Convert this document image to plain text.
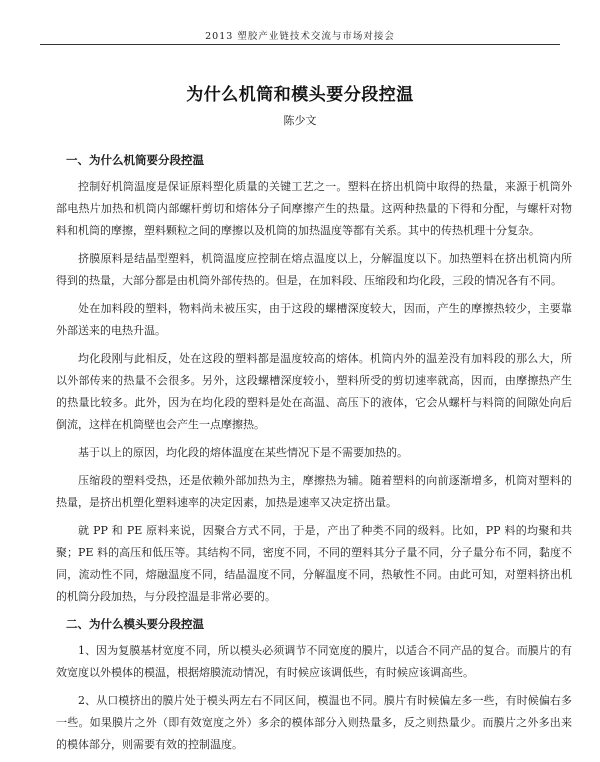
2013 塑胶产业链技术交流与市场对接会
为什么机筒和模头要分段控温
陈少文
一、为什么机筒要分段控温

控制好机筒温度是保证原料塑化质量的关键工艺之一。塑料在挤出机筒中取得的热量，来源于机筒外部电热片加热和机筒内部螺杆剪切和熔体分子间摩擦产生的热量。这两种热量的下得和分配，与螺杆对物料和机筒的摩擦，塑料颗粒之间的摩擦以及机筒的加热温度等都有关系。其中的传热机理十分复杂。

挤膜原料是结晶型塑料，机筒温度应控制在熔点温度以上，分解温度以下。加热塑料在挤出机筒内所得到的热量，大部分都是由机筒外部传热的。但是，在加料段、压缩段和均化段，三段的情况各有不同。

处在加料段的塑料，物料尚未被压实，由于这段的螺槽深度较大，因而，产生的摩擦热较少，主要靠外部送来的电热升温。

均化段刚与此相反，处在这段的塑料都是温度较高的熔体。机筒内外的温差没有加料段的那么大，所以外部传来的热量不会很多。另外，这段螺槽深度较小，塑料所受的剪切速率就高，因而，由摩擦热产生的热量比较多。此外，因为在均化段的塑料是处在高温、高压下的液体，它会从螺杆与料筒的间隙处向后倒流，这样在机筒壁也会产生一点摩擦热。

基于以上的原因，均化段的熔体温度在某些情况下是不需要加热的。

压缩段的塑料受热，还是依赖外部加热为主，摩擦热为辅。随着塑料的向前逐渐增多，机筒对塑料的热量，是挤出机塑化塑料速率的决定因素，加热是速率又决定挤出量。

就 PP 和 PE 原料来说，因聚合方式不同，于是，产出了种类不同的级料。比如，PP 料的均聚和共聚；PE 料的高压和低压等。其结构不同，密度不同，不同的塑料其分子量不同，分子量分布不同，黏度不同，流动性不同，熔融温度不同，结晶温度不同，分解温度不同，热敏性不同。由此可知，对塑料挤出机的机筒分段加热，与分段控温是非常必要的。

二、为什么模头要分段控温

1、因为复膜基材宽度不同，所以模头必须调节不同宽度的膜片，以适合不同产品的复合。而膜片的有效宽度以外模体的模温，根据熔膜流动情况，有时候应该调低些，有时候应该调高些。

2、从口模挤出的膜片处于模头两左右不同区间，模温也不同。膜片有时候偏左多一些，有时候偏右多一些。如果膜片之外（即有效宽度之外）多余的模体部分入则热量多，反之则热量少。而膜片之外多出来的模体部分，则需要有效的控制温度。
